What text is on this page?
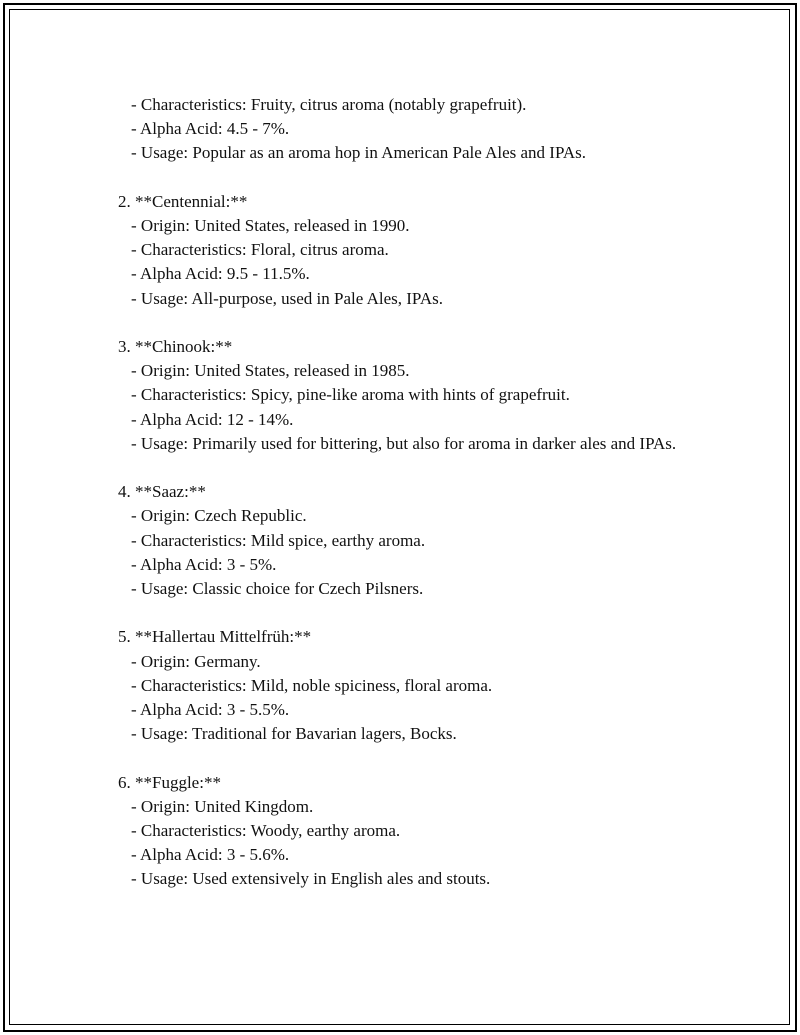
- Characteristics: Fruity, citrus aroma (notably grapefruit).

- Alpha Acid: 4.5 - 7%.

- Usage: Popular as an aroma hop in American Pale Ales and IPAs.

2. **Centennial:**

- Origin: United States, released in 1990.

- Characteristics: Floral, citrus aroma.

- Alpha Acid: 9.5 - 11.5%.

- Usage: All-purpose, used in Pale Ales, IPAs.

3. **Chinook:**

- Origin: United States, released in 1985.

- Characteristics: Spicy, pine-like aroma with hints of grapefruit.

- Alpha Acid: 12 - 14%.

- Usage: Primarily used for bittering, but also for aroma in darker ales and IPAs.

4. **Saaz:**

- Origin: Czech Republic.

- Characteristics: Mild spice, earthy aroma.

- Alpha Acid: 3 - 5%.

- Usage: Classic choice for Czech Pilsners.

5. **Hallertau Mittelfrüh:**

- Origin: Germany.

- Characteristics: Mild, noble spiciness, floral aroma.

- Alpha Acid: 3 - 5.5%.

- Usage: Traditional for Bavarian lagers, Bocks.

6. **Fuggle:**

- Origin: United Kingdom.

- Characteristics: Woody, earthy aroma.

- Alpha Acid: 3 - 5.6%.

- Usage: Used extensively in English ales and stouts.
